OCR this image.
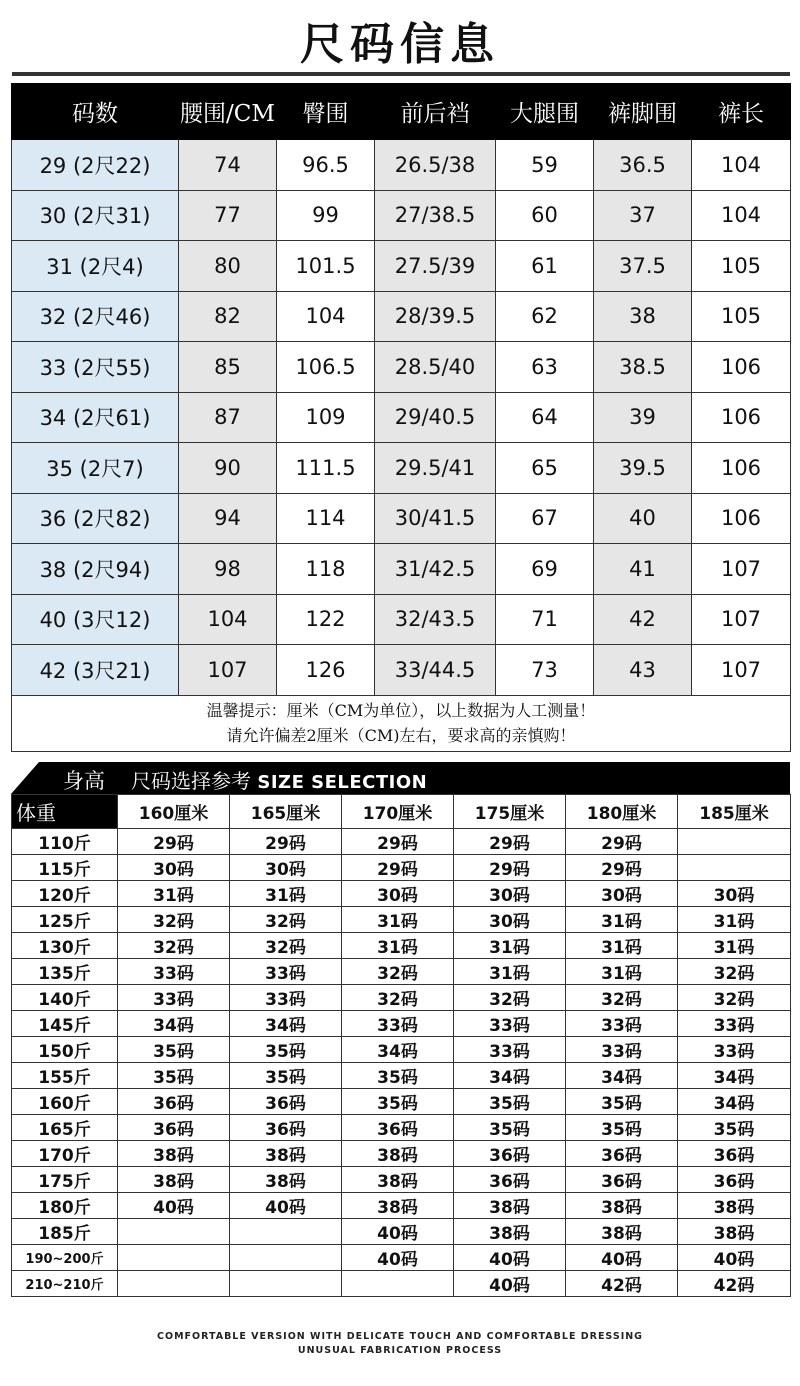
尺码信息
码数	腰围/CM	臀围	前后裆	大腿围	裤脚围	裤长
29 (2尺22)	74	96.5	26.5/38	59	36.5	104
30 (2尺31)	77	99	27/38.5	60	37	104
31 (2尺4)	80	101.5	27.5/39	61	37.5	105
32 (2尺46)	82	104	28/39.5	62	38	105
33 (2尺55)	85	106.5	28.5/40	63	38.5	106
34 (2尺61)	87	109	29/40.5	64	39	106
35 (2尺7)	90	111.5	29.5/41	65	39.5	106
36 (2尺82)	94	114	30/41.5	67	40	106
38 (2尺94)	98	118	31/42.5	69	41	107
40 (3尺12)	104	122	32/43.5	71	42	107
42 (3尺21)	107	126	33/44.5	73	43	107

温馨提示：厘米（CM为单位），以上数据为人工测量！
请允许偏差2厘米（CM)左右，要求高的亲慎购！						
身高 尺码选择参考 SIZE SELECTION
体重	160厘米	165厘米	170厘米	175厘米	180厘米	185厘米
110斤	29码	29码	29码	29码	29码	
115斤	30码	30码	29码	29码	29码	
120斤	31码	31码	30码	30码	30码	30码
125斤	32码	32码	31码	30码	31码	31码
130斤	32码	32码	31码	31码	31码	31码
135斤	33码	33码	32码	31码	31码	32码
140斤	33码	33码	32码	32码	32码	32码
145斤	34码	34码	33码	33码	33码	33码
150斤	35码	35码	34码	33码	33码	33码
155斤	35码	35码	35码	34码	34码	34码
160斤	36码	36码	35码	35码	35码	34码
165斤	36码	36码	36码	35码	35码	35码
170斤	38码	38码	38码	36码	36码	36码
175斤	38码	38码	38码	36码	36码	36码
180斤	40码	40码	38码	38码	38码	38码
185斤			40码	38码	38码	38码
190~200斤			40码	40码	40码	40码
210~210斤				40码	42码	42码
COMFORTABLE VERSION WITH DELICATE TOUCH AND COMFORTABLE DRESSING
UNUSUAL FABRICATION PROCESS
